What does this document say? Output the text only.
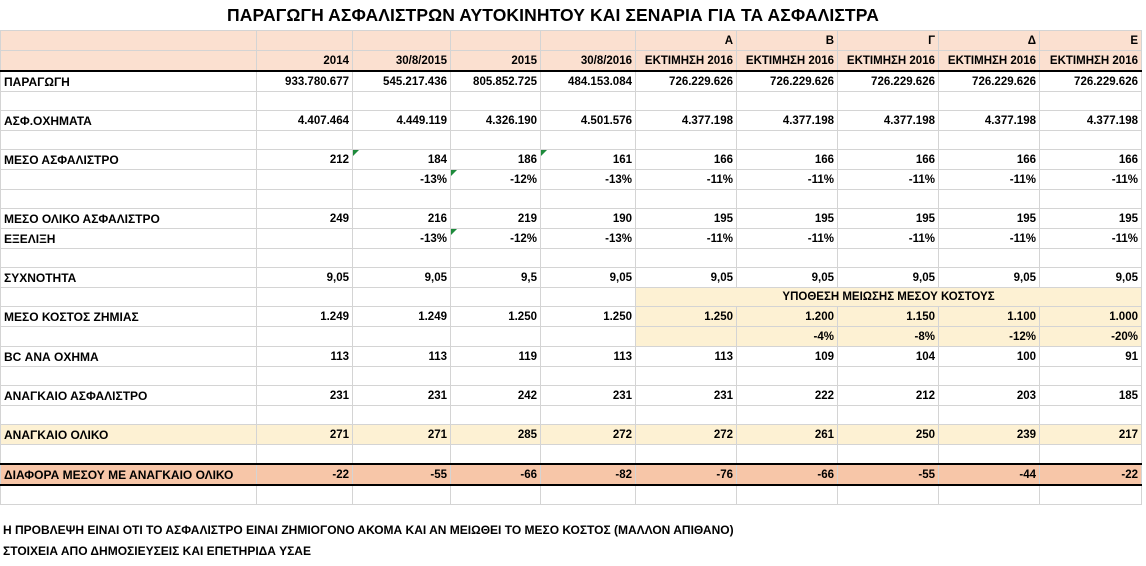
ΠΑΡΑΓΩΓΗ ΑΣΦΑΛΙΣΤΡΩΝ ΑΥΤΟΚΙΝΗΤΟΥ ΚΑΙ ΣΕΝΑΡΙΑ ΓΙΑ ΤΑ ΑΣΦΑΛΙΣΤΡΑ
					Α	Β	Γ	Δ	Ε
	2014	30/8/2015	2015	30/8/2016	ΕΚΤΙΜΗΣΗ 2016	ΕΚΤΙΜΗΣΗ 2016	ΕΚΤΙΜΗΣΗ 2016	ΕΚΤΙΜΗΣΗ 2016	ΕΚΤΙΜΗΣΗ 2016
ΠΑΡΑΓΩΓΗ	933.780.677	545.217.436	805.852.725	484.153.084	726.229.626	726.229.626	726.229.626	726.229.626	726.229.626

ΑΣΦ.ΟΧΗΜΑΤΑ	4.407.464	4.449.119	4.326.190	4.501.576	4.377.198	4.377.198	4.377.198	4.377.198	4.377.198

ΜΕΣΟ ΑΣΦΑΛΙΣΤΡΟ	212	184	186	161	166	166	166	166	166
		-13%	-12%	-13%	-11%	-11%	-11%	-11%	-11%

ΜΕΣΟ ΟΛΙΚΟ ΑΣΦΑΛΙΣΤΡΟ	249	216	219	190	195	195	195	195	195
ΕΞΕΛΙΞΗ		-13%	-12%	-13%	-11%	-11%	-11%	-11%	-11%

ΣΥΧΝΟΤΗΤΑ	9,05	9,05	9,5	9,05	9,05	9,05	9,05	9,05	9,05
					ΥΠΟΘΕΣΗ ΜΕΙΩΣΗΣ ΜΕΣΟΥ ΚΟΣΤΟΥΣ				
ΜΕΣΟ ΚΟΣΤΟΣ ΖΗΜΙΑΣ	1.249	1.249	1.250	1.250	1.250	1.200	1.150	1.100	1.000
						-4%	-8%	-12%	-20%
BC ΑΝΑ ΟΧΗΜΑ	113	113	119	113	113	109	104	100	91

ΑΝΑΓΚΑΙΟ ΑΣΦΑΛΙΣΤΡΟ	231	231	242	231	231	222	212	203	185

ΑΝΑΓΚΑΙΟ ΟΛΙΚΟ	271	271	285	272	272	261	250	239	217

ΔΙΑΦΟΡΑ ΜΕΣΟΥ ΜΕ ΑΝΑΓΚΑΙΟ ΟΛΙΚΟ	-22	-55	-66	-82	-76	-66	-55	-44	-22

Η ΠΡΟΒΛΕΨΗ ΕΙΝΑΙ ΟΤΙ ΤΟ ΑΣΦΑΛΙΣΤΡΟ ΕΙΝΑΙ ΖΗΜΙΟΓΟΝΟ ΑΚΟΜΑ ΚΑΙ ΑΝ ΜΕΙΩΘΕΙ ΤΟ ΜΕΣΟ ΚΟΣΤΟΣ (ΜΑΛΛΟΝ ΑΠΙΘΑΝΟ)
ΣΤΟΙΧΕΙΑ ΑΠΟ ΔΗΜΟΣΙΕΥΣΕΙΣ ΚΑΙ ΕΠΕΤΗΡΙΔΑ ΥΣΑΕ
